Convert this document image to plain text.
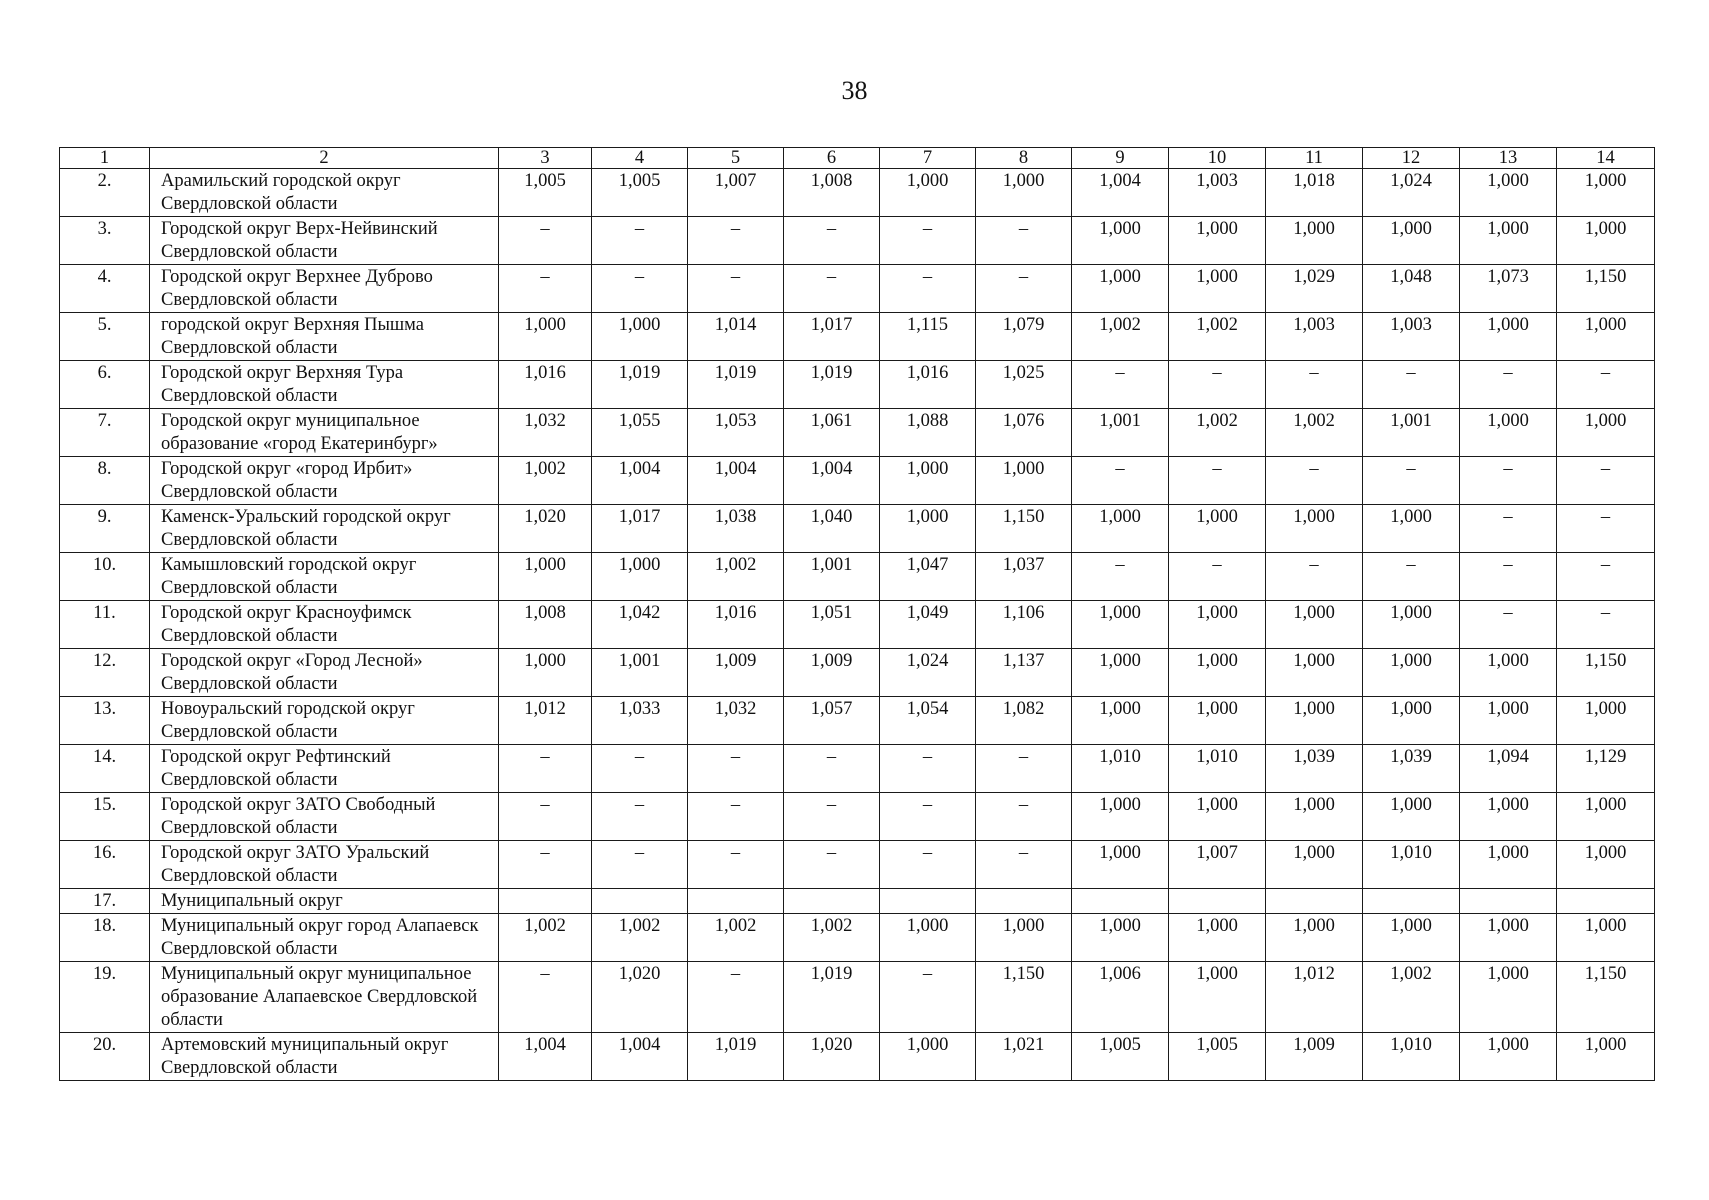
38
1	2	3	4	5	6	7	8	9	10	11	12	13	14
2.	Арамильский городской округ Свердловской области	1,005	1,005	1,007	1,008	1,000	1,000	1,004	1,003	1,018	1,024	1,000	1,000
3.	Городской округ Верх-Нейвинский Свердловской области	–	–	–	–	–	–	1,000	1,000	1,000	1,000	1,000	1,000
4.	Городской округ Верхнее Дуброво Свердловской области	–	–	–	–	–	–	1,000	1,000	1,029	1,048	1,073	1,150
5.	городской округ Верхняя Пышма Свердловской области	1,000	1,000	1,014	1,017	1,115	1,079	1,002	1,002	1,003	1,003	1,000	1,000
6.	Городской округ Верхняя Тура Свердловской области	1,016	1,019	1,019	1,019	1,016	1,025	–	–	–	–	–	–
7.	Городской округ муниципальное образование «город Екатеринбург»	1,032	1,055	1,053	1,061	1,088	1,076	1,001	1,002	1,002	1,001	1,000	1,000
8.	Городской округ «город Ирбит» Свердловской области	1,002	1,004	1,004	1,004	1,000	1,000	–	–	–	–	–	–
9.	Каменск-Уральский городской округ Свердловской области	1,020	1,017	1,038	1,040	1,000	1,150	1,000	1,000	1,000	1,000	–	–
10.	Камышловский городской округ Свердловской области	1,000	1,000	1,002	1,001	1,047	1,037	–	–	–	–	–	–
11.	Городской округ Красноуфимск Свердловской области	1,008	1,042	1,016	1,051	1,049	1,106	1,000	1,000	1,000	1,000	–	–
12.	Городской округ «Город Лесной» Свердловской области	1,000	1,001	1,009	1,009	1,024	1,137	1,000	1,000	1,000	1,000	1,000	1,150
13.	Новоуральский городской округ Свердловской области	1,012	1,033	1,032	1,057	1,054	1,082	1,000	1,000	1,000	1,000	1,000	1,000
14.	Городской округ Рефтинский Свердловской области	–	–	–	–	–	–	1,010	1,010	1,039	1,039	1,094	1,129
15.	Городской округ ЗАТО Свободный Свердловской области	–	–	–	–	–	–	1,000	1,000	1,000	1,000	1,000	1,000
16.	Городской округ ЗАТО Уральский Свердловской области	–	–	–	–	–	–	1,000	1,007	1,000	1,010	1,000	1,000
17.	Муниципальный округ												
18.	Муниципальный округ город Алапаевск Свердловской области	1,002	1,002	1,002	1,002	1,000	1,000	1,000	1,000	1,000	1,000	1,000	1,000
19.	Муниципальный округ муниципальное образование Алапаевское Свердловской области	–	1,020	–	1,019	–	1,150	1,006	1,000	1,012	1,002	1,000	1,150
20.	Артемовский муниципальный округ Свердловской области	1,004	1,004	1,019	1,020	1,000	1,021	1,005	1,005	1,009	1,010	1,000	1,000
